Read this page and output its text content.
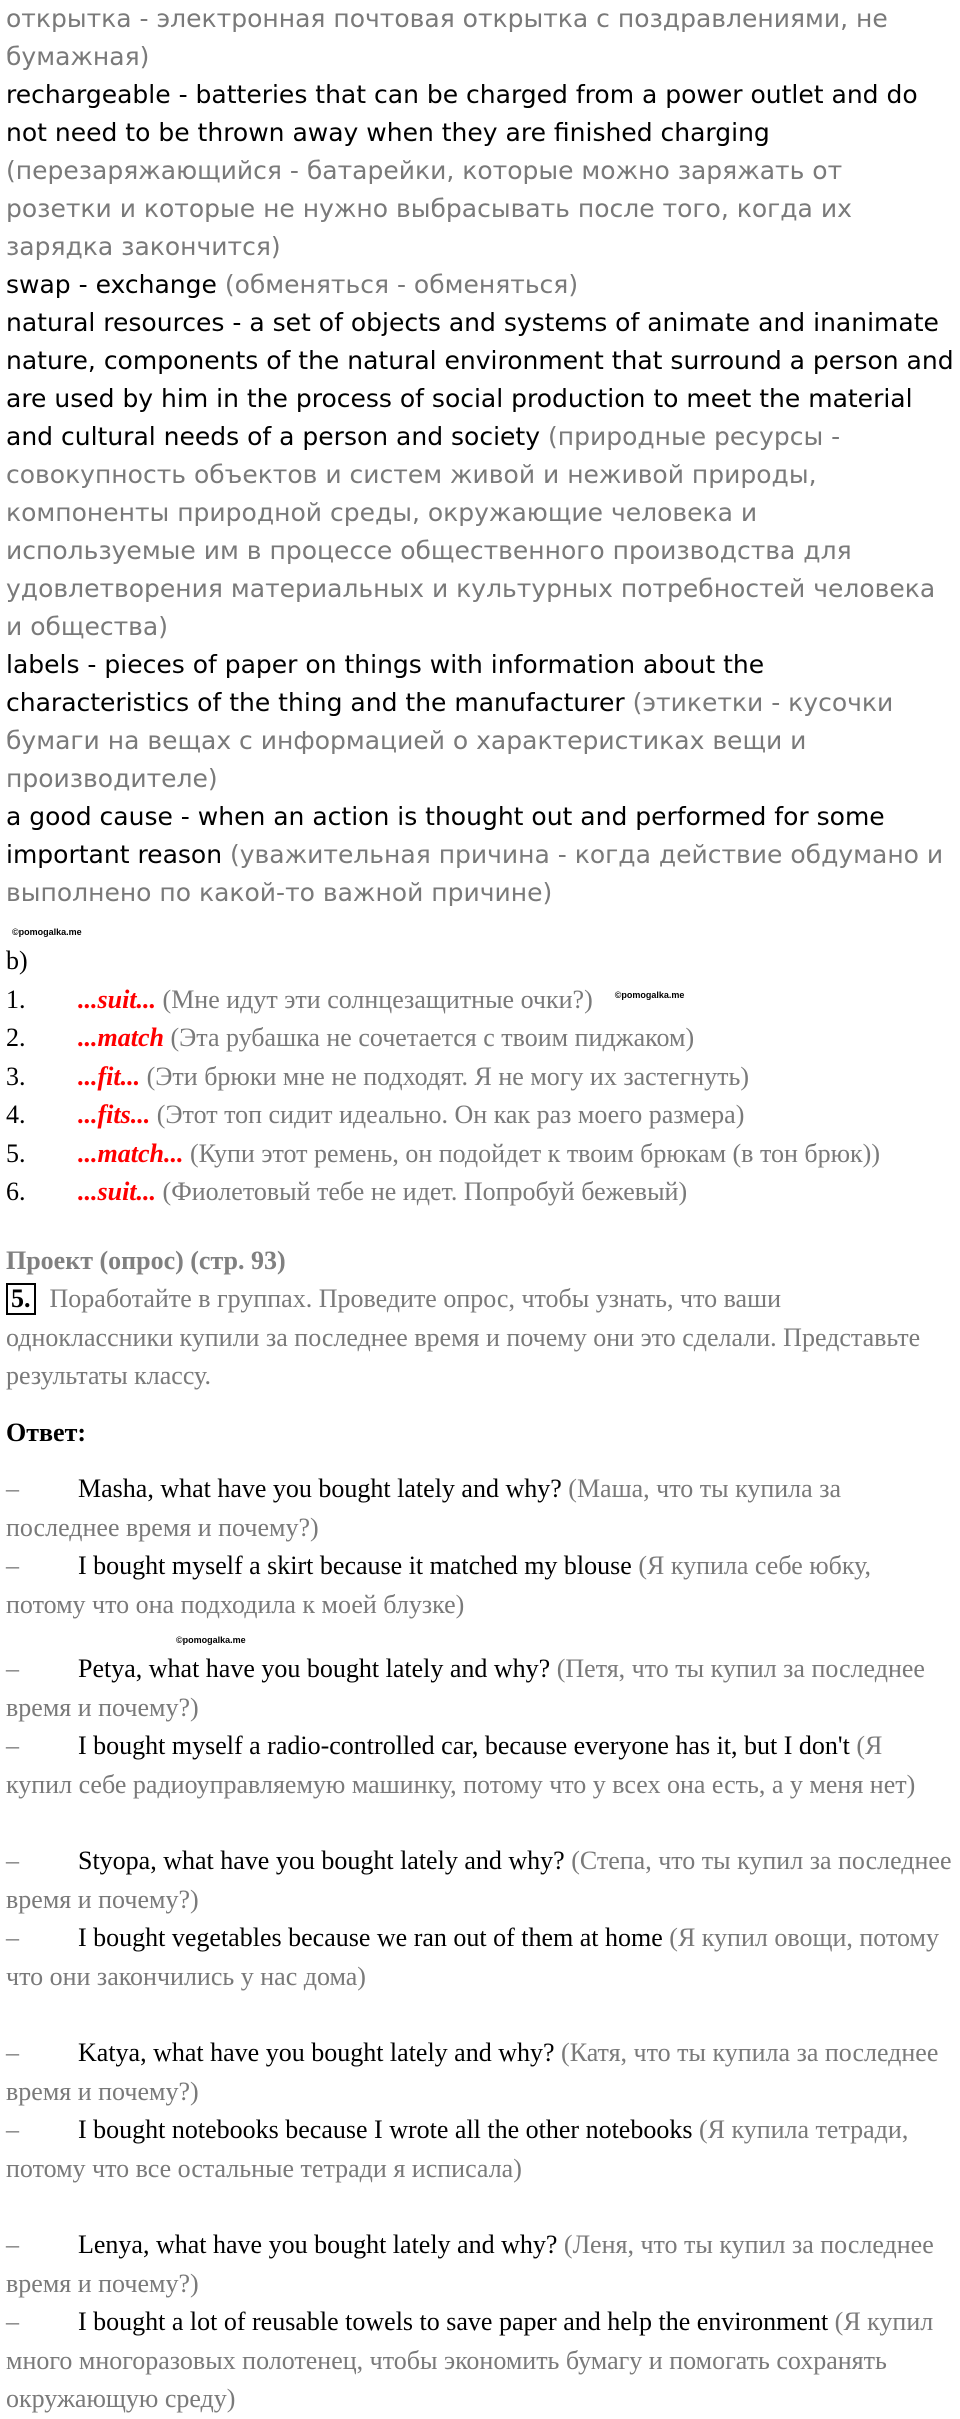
открытка - электронная почтовая открытка с поздравлениями, не бумажная)

rechargeable - batteries that can be charged from a power outlet and do not need to be thrown away when they are finished charging (перезаряжающийся - батарейки, которые можно заряжать от розетки и которые не нужно выбрасывать после того, когда их зарядка закончится)

swap - exchange (обменяться - обменяться)

natural resources - a set of objects and systems of animate and inanimate nature, components of the natural environment that surround a person and are used by him in the process of social production to meet the material and cultural needs of a person and society (природные ресурсы - совокупность объектов и систем живой и неживой природы, компоненты природной среды, окружающие человека и используемые им в процессе общественного производства для удовлетворения материальных и культурных потребностей человека и общества)

labels - pieces of paper on things with information about the characteristics of the thing and the manufacturer (этикетки - кусочки бумаги на вещах с информацией о характеристиках вещи и производителе)

a good cause - when an action is thought out and performed for some important reason (уважительная причина - когда действие обдумано и выполнено по какой-то важной причине)

©pomogalka.me

b)

1.	...suit... (Мне идут эти солнцезащитные очки?) $^{©pomogalka.me}$
2.	...match (Эта рубашка не сочетается с твоим пиджаком)
3.	...fit... (Эти брюки мне не подходят. Я не могу их застегнуть)
4.	...fits... (Этот топ сидит идеально. Он как раз моего размера)

5. ...match... (Купи этот ремень, он подойдет к твоим брюкам (в тон брюк))

6.	...suit... (Фиолетовый тебе не идет. Попробуй бежевый)

Проект (опрос) (стр. 93)

5. Поработайте в группах. Проведите опрос, чтобы узнать, что ваши одноклассники купили за последнее время и почему они это сделали. Представьте результаты классу.

Ответ:

– Masha, what have you bought lately and why? (Маша, что ты купила за последнее время и почему?)

– I bought myself a skirt because it matched my blouse (Я купила себе юбку, потому что она подходила к моей блузке)

©pomogalka.me

– Petya, what have you bought lately and why? (Петя, что ты купил за последнее время и почему?)

– I bought myself a radio-controlled car, because everyone has it, but I don't (Я купил себе радиоуправляемую машинку, потому что у всех она есть, а у меня нет)

– Styopa, what have you bought lately and why? (Степа, что ты купил за последнее время и почему?)

– I bought vegetables because we ran out of them at home (Я купил овощи, потому что они закончились у нас дома)

– Katya, what have you bought lately and why? (Катя, что ты купила за последнее время и почему?)

– I bought notebooks because I wrote all the other notebooks (Я купила тетради, потому что все остальные тетради я исписала)

– Lenya, what have you bought lately and why? (Леня, что ты купил за последнее время и почему?)

– I bought a lot of reusable towels to save paper and help the environment (Я купил много многоразовых полотенец, чтобы экономить бумагу и помогать сохранять окружающую среду)
